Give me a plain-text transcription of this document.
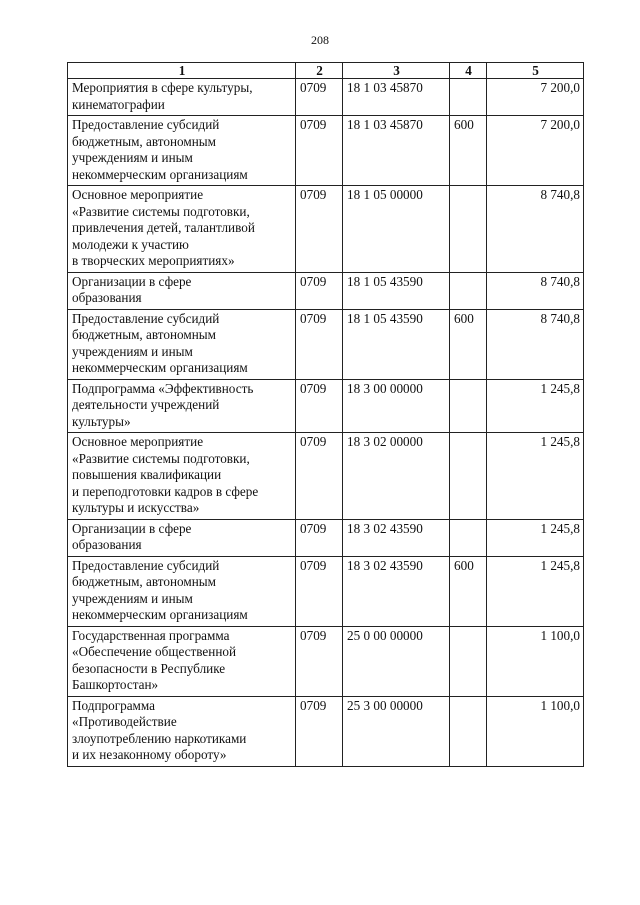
208
1	2	3	4	5
Мероприятия в сфере культуры,
кинематографии	0709	18 1 03 45870		7 200,0
Предоставление субсидий
бюджетным, автономным
учреждениям и иным
некоммерческим организациям	0709	18 1 03 45870	600	7 200,0
Основное мероприятие
«Развитие системы подготовки,
привлечения детей, талантливой
молодежи к участию
в творческих мероприятиях»	0709	18 1 05 00000		8 740,8
Организации в сфере
образования	0709	18 1 05 43590		8 740,8
Предоставление субсидий
бюджетным, автономным
учреждениям и иным
некоммерческим организациям	0709	18 1 05 43590	600	8 740,8
Подпрограмма «Эффективность
деятельности учреждений
культуры»	0709	18 3 00 00000		1 245,8
Основное мероприятие
«Развитие системы подготовки,
повышения квалификации
и переподготовки кадров в сфере
культуры и искусства»	0709	18 3 02 00000		1 245,8
Организации в сфере
образования	0709	18 3 02 43590		1 245,8
Предоставление субсидий
бюджетным, автономным
учреждениям и иным
некоммерческим организациям	0709	18 3 02 43590	600	1 245,8
Государственная программа
«Обеспечение общественной
безопасности в Республике
Башкортостан»	0709	25 0 00 00000		1 100,0
Подпрограмма
«Противодействие
злоупотреблению наркотиками
и их незаконному обороту»	0709	25 3 00 00000		1 100,0
